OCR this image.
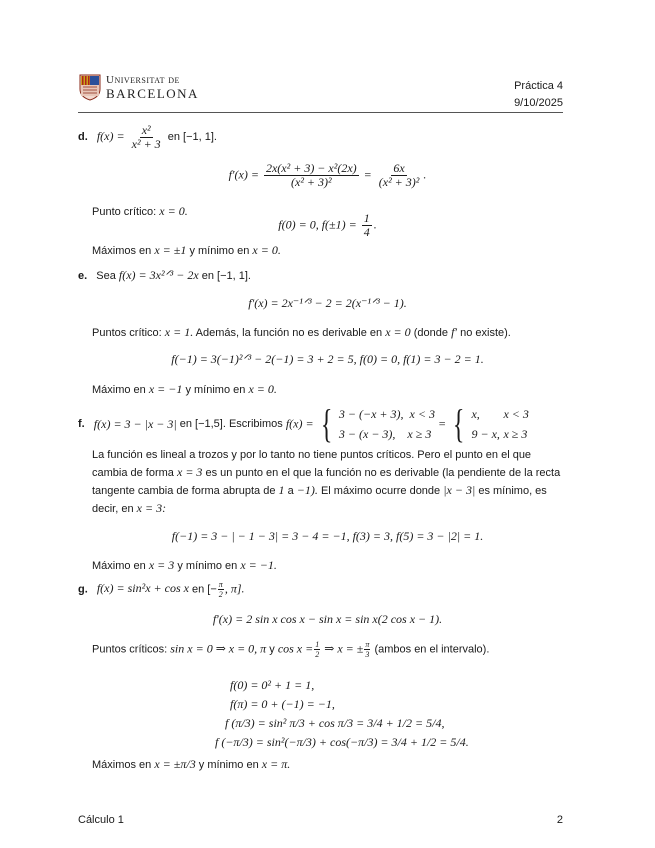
Universitat de
BARCELONA	Práctica 4
9/10/2025
d. $f(x) = \frac{\text{x²}}{\text{x² + 3}}$ en [−1, 1].
$f'(x) = \frac{\text{2x(x² + 3) − x²(2x)}}{\text{(x² + 3)²}} = \frac{6x}{\text{(x² + 3)²}}$ .
Punto crítico: x = 0.
f(0) = 0, $f(\pm 1) = \frac{1}{4}$ .
Máximos en x = ±1 y mínimo en x = 0.
e. Sea f(x) = 3x²ᐟ³ − 2x en [−1, 1].
f′(x) = 2x⁻¹ᐟ³ − 2 = 2(x⁻¹ᐟ³ − 1).
Puntos crítico: x = 1. Además, la función no es derivable en x = 0 (donde f′ no existe).
f(−1) = 3(−1)²ᐟ³ − 2(−1) = 3 + 2 = 5, f(0) = 0, f(1) = 3 − 2 = 1.
Máximo en x = −1 y mínimo en x = 0.
f. f(x) = 3 − |x − 3| en [−1,5]. Escribimos f(x) = { 3 − (−x + 3), x < 3
3 − (x − 3), x ≥ 3
= { x, x < 3
9 − x, x ≥ 3
La función es lineal a trozos y por lo tanto no tiene puntos críticos. Pero el punto en el que
cambia de forma x = 3 es un punto en el que la función no es derivable (la pendiente de la recta
tangente cambia de forma abrupta de 1 a −1). El máximo ocurre donde |x − 3| es mínimo, es
decir, en x = 3:
f(−1) = 3 − | − 1 − 3| = 3 − 4 = −1, f(3) = 3, f(5) = 3 − |2| = 1.
Máximo en x = 3 y mínimo en x = −1.
g. f(x) = sin²x + cos x en [− $\frac{\pi}{2}$ , π].
f′(x) = 2 sin x cos x − sin x = sin x(2 cos x − 1).
Puntos críticos: sin x = 0 ⇒ x = 0, π y $\cos x = \frac{1}{2}$ ⇒ x = ± $\frac{\pi}{3}$ (ambos en el intervalo).
f(0) = 0² + 1 = 1,
f(π) = 0 + (−1) = −1,
f (π/3) = sin² π/3 + cos π/3 = 3/4 + 1/2 = 5/4,
f (−π/3) = sin²(−π/3) + cos(−π/3) = 3/4 + 1/2 = 5/4.
Máximos en x = ±π/3 y mínimo en x = π.
Cálculo 1	2
